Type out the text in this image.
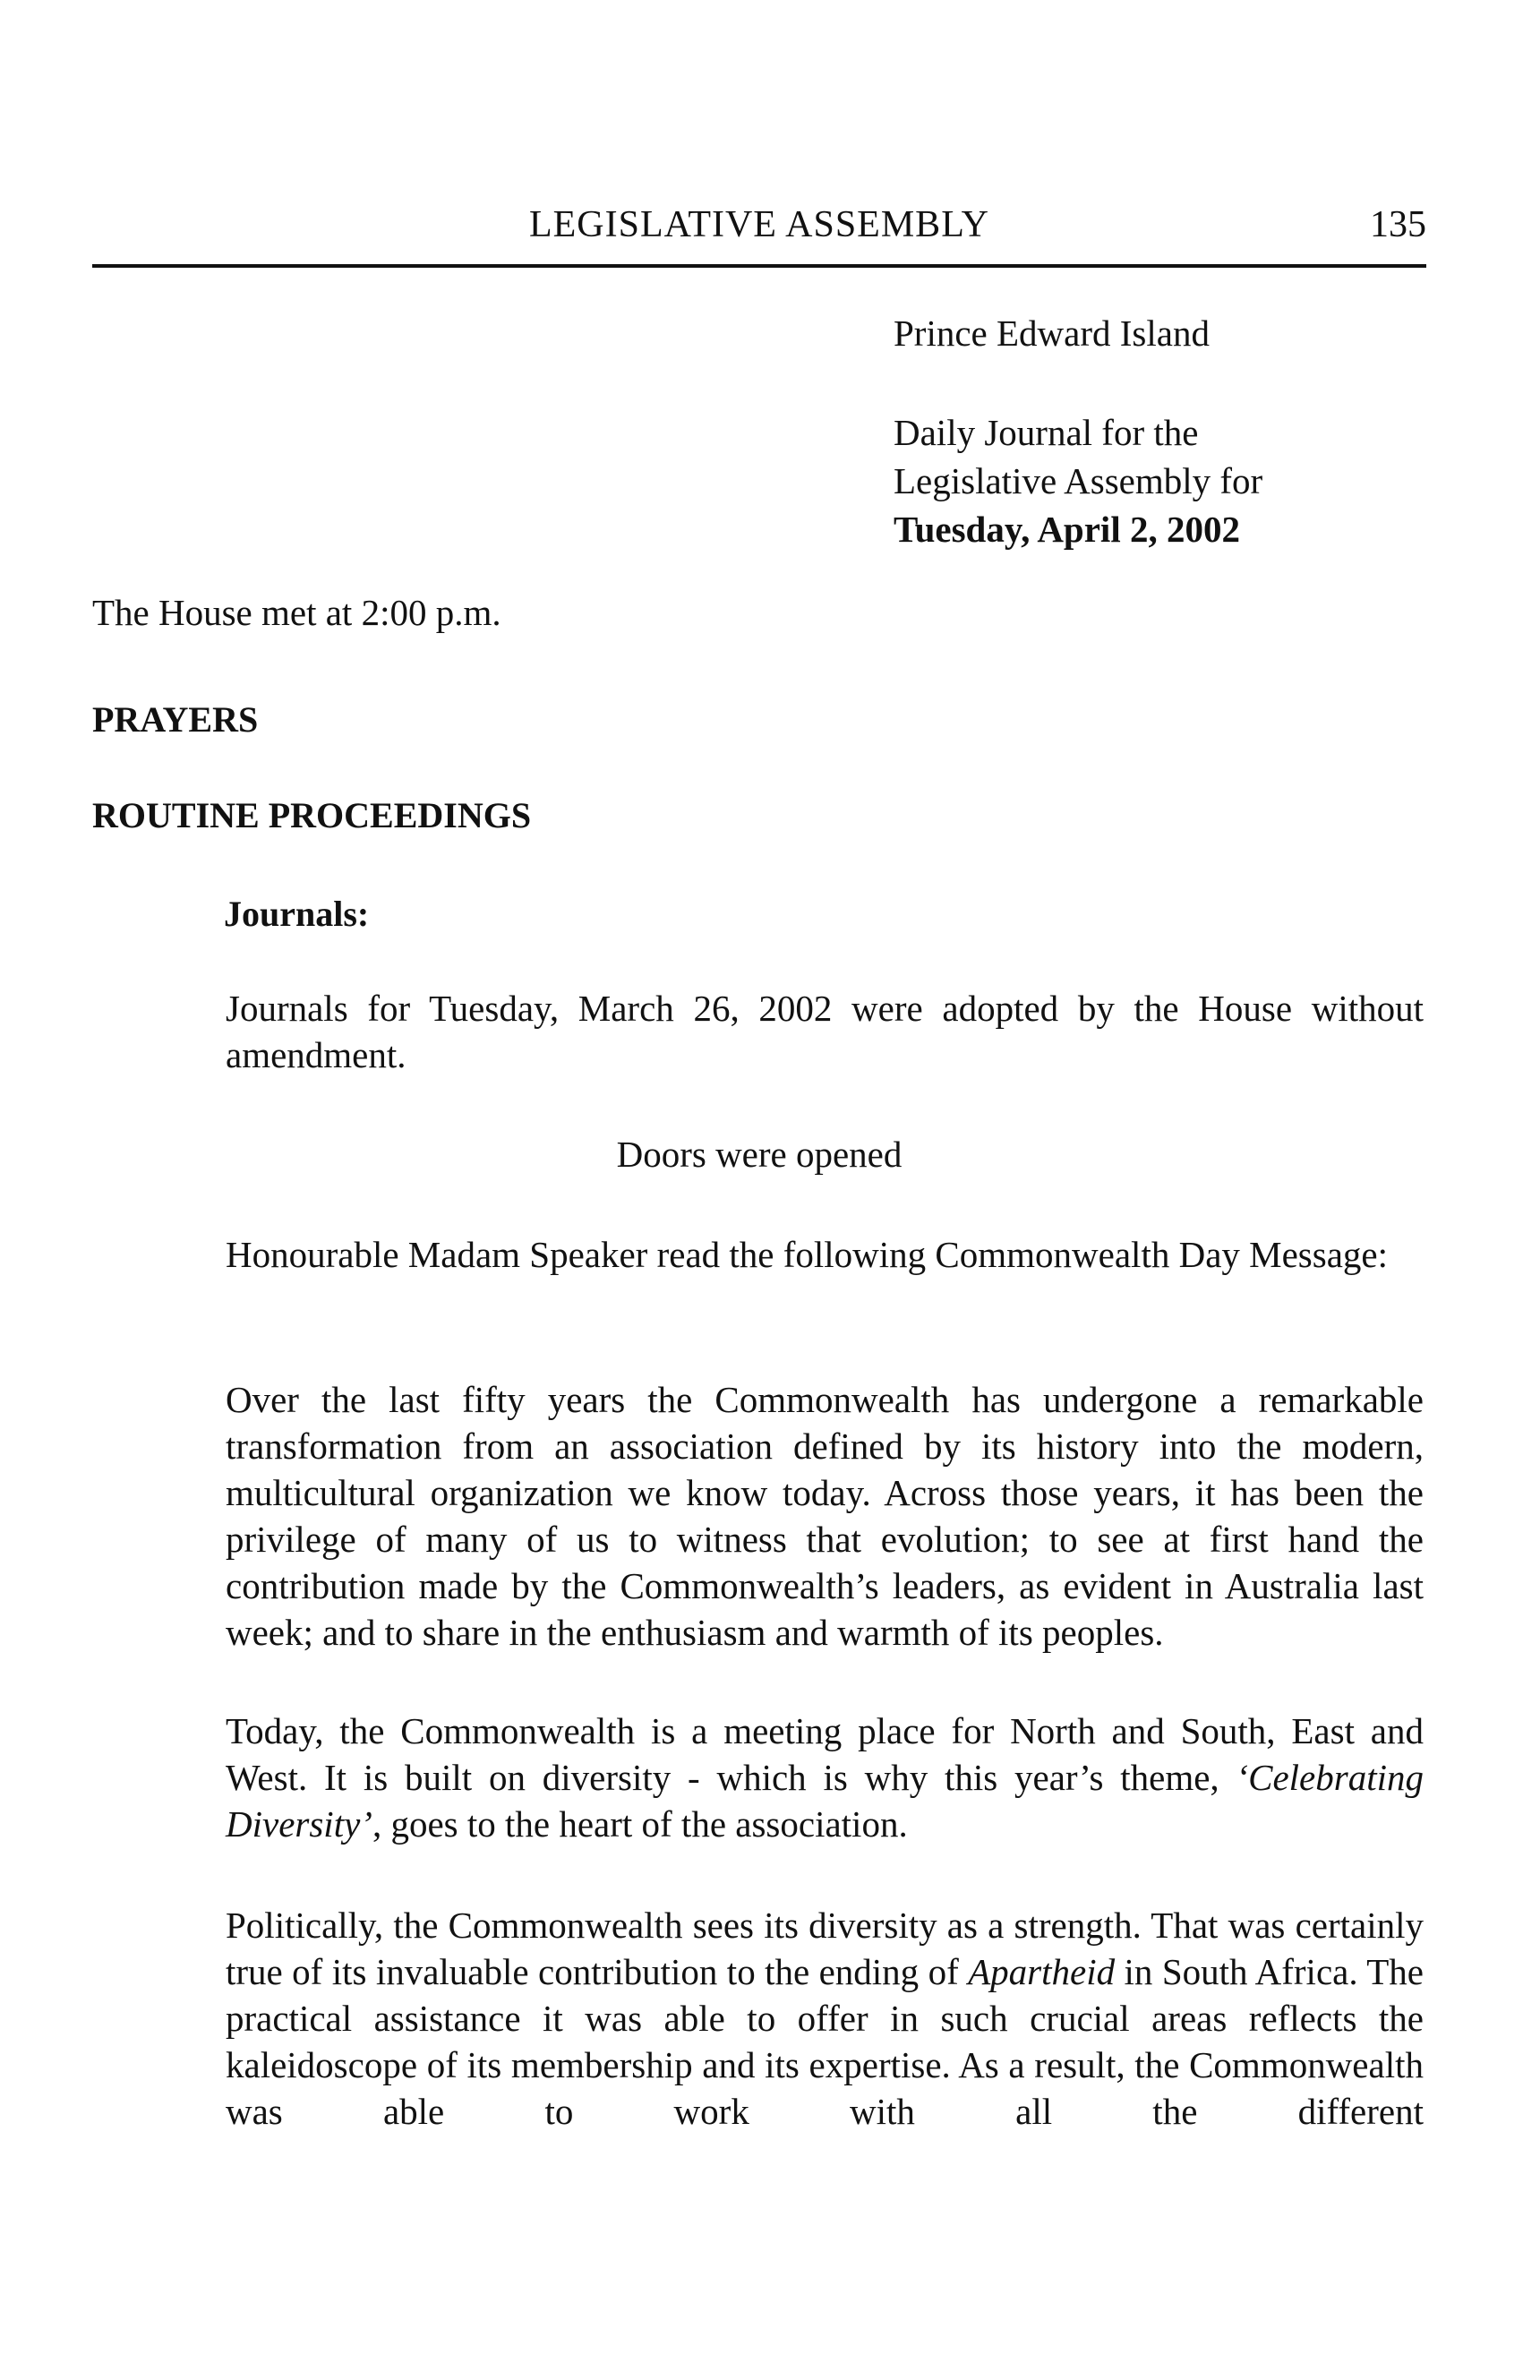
LEGISLATIVE ASSEMBLY	135
Prince Edward Island
Daily Journal for the
Legislative Assembly for
Tuesday, April 2, 2002
The House met at 2:00 p.m.
PRAYERS
ROUTINE PROCEEDINGS
Journals:
Journals for Tuesday, March 26, 2002 were adopted by the House without amendment.
Doors were opened
Honourable Madam Speaker read the following Commonwealth Day Message:
Over the last fifty years the Commonwealth has undergone a remarkable transformation from an association defined by its history into the modern, multicultural organization we know today. Across those years, it has been the privilege of many of us to witness that evolution; to see at first hand the contribution made by the Commonwealth’s leaders, as evident in Australia last week; and to share in the enthusiasm and warmth of its peoples.
Today, the Commonwealth is a meeting place for North and South, East and West. It is built on diversity - which is why this year’s theme, ‘Celebrating Diversity’, goes to the heart of the association.
Politically, the Commonwealth sees its diversity as a strength. That was certainly true of its invaluable contribution to the ending of Apartheid in South Africa. The practical assistance it was able to offer in such crucial areas reflects the kaleidoscope of its membership and its expertise. As a result, the Commonwealth was able to work with all the different
